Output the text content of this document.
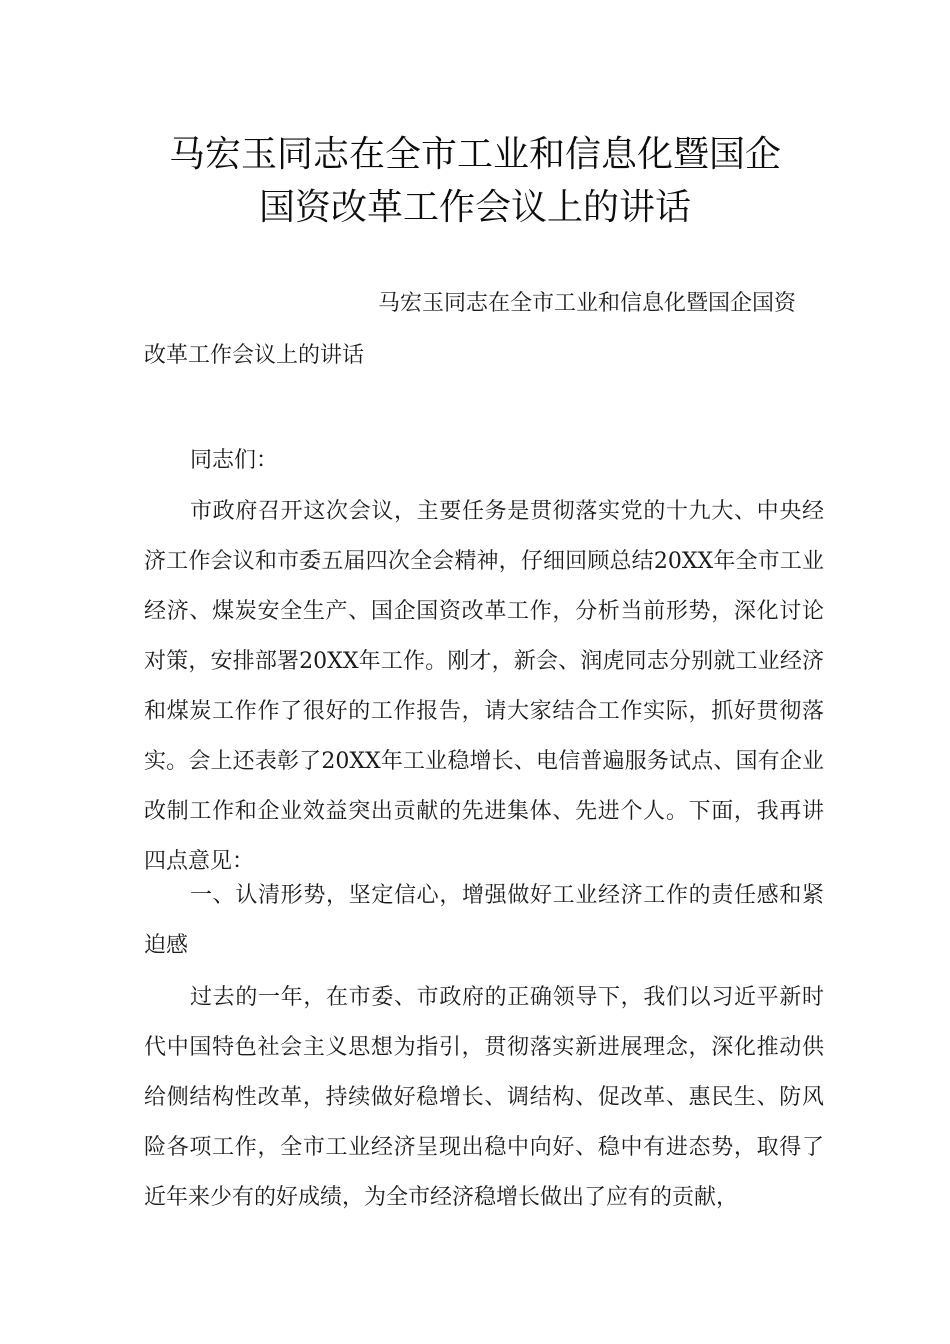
马宏玉同志在全市工业和信息化暨国企
国资改革工作会议上的讲话
马宏玉同志在全市工业和信息化暨国企国资
改革工作会议上的讲话
同志们：
市政府召开这次会议，主要任务是贯彻落实党的十九大、中央经济工作会议和市委五届四次全会精神，仔细回顾总结20XX年全市工业经济、煤炭安全生产、国企国资改革工作，分析当前形势，深化讨论对策，安排部署20XX年工作。刚才，新会、润虎同志分别就工业经济和煤炭工作作了很好的工作报告，请大家结合工作实际，抓好贯彻落实。会上还表彰了20XX年工业稳增长、电信普遍服务试点、国有企业改制工作和企业效益突出贡献的先进集体、先进个人。下面，我再讲四点意见：
一、认清形势，坚定信心，增强做好工业经济工作的责任感和紧迫感
过去的一年，在市委、市政府的正确领导下，我们以习近平新时代中国特色社会主义思想为指引，贯彻落实新进展理念，深化推动供给侧结构性改革，持续做好稳增长、调结构、促改革、惠民生、防风险各项工作，全市工业经济呈现出稳中向好、稳中有进态势，取得了近年来少有的好成绩，为全市经济稳增长做出了应有的贡献，
